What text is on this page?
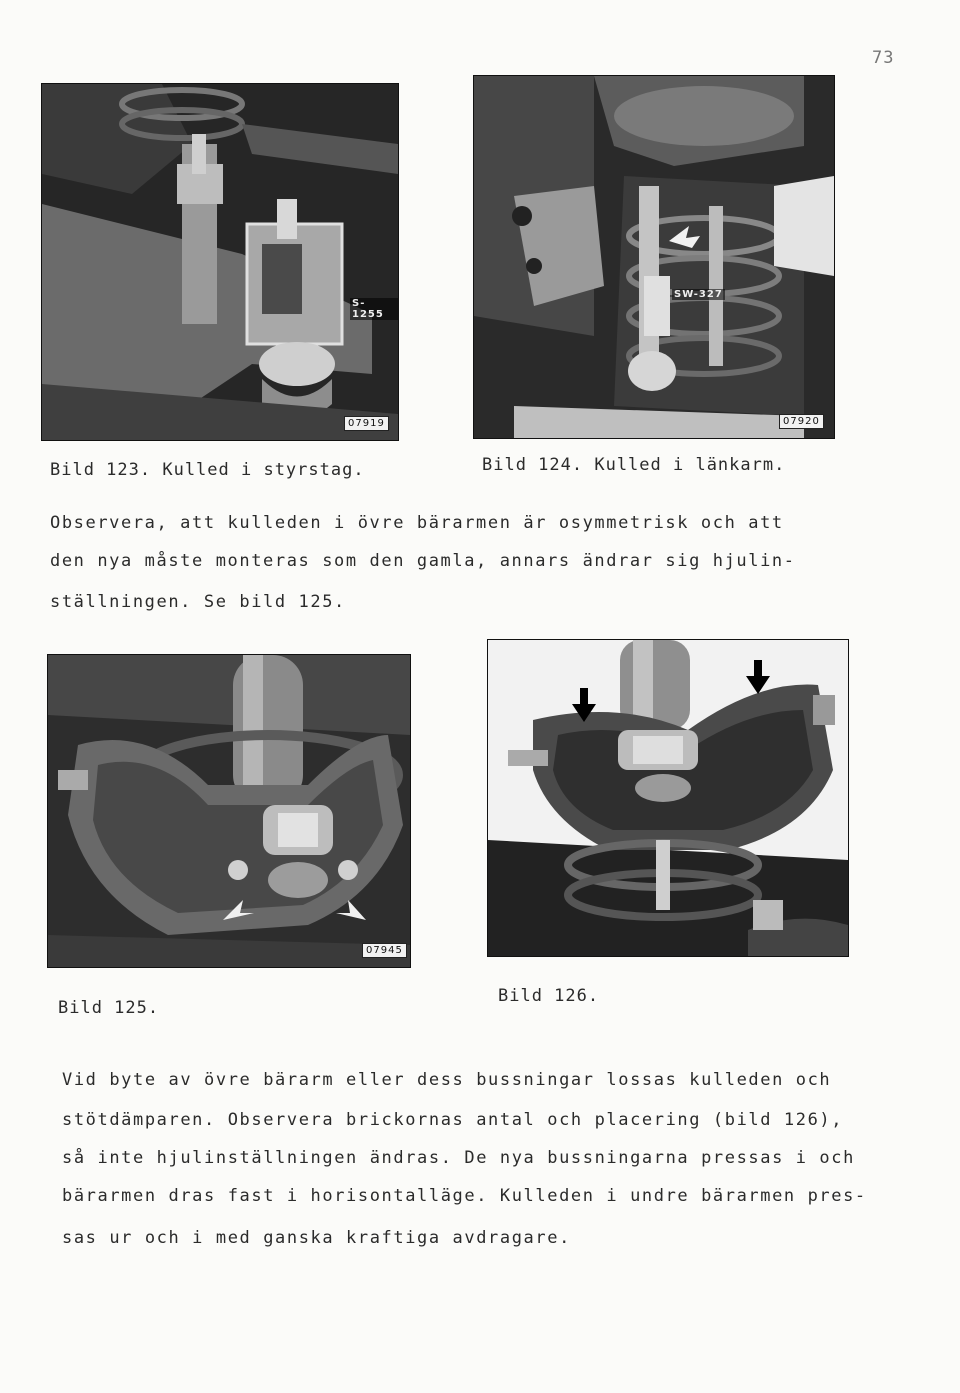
73
S-1255
07919
SW-327
07920
Bild 123. Kulled i styrstag.	Bild 124. Kulled i länkarm.
Observera, att kulleden i övre bärarmen är osymmetrisk och att
den nya måste monteras som den gamla, annars ändrar sig hjulin-
ställningen. Se bild 125.
07945
Bild 125.
Bild 126.
Vid byte av övre bärarm eller dess bussningar lossas kulleden och
stötdämparen. Observera brickornas antal och placering (bild 126),
så inte hjulinställningen ändras. De nya bussningarna pressas i och
bärarmen dras fast i horisontalläge. Kulleden i undre bärarmen pres-
sas ur och i med ganska kraftiga avdragare.
